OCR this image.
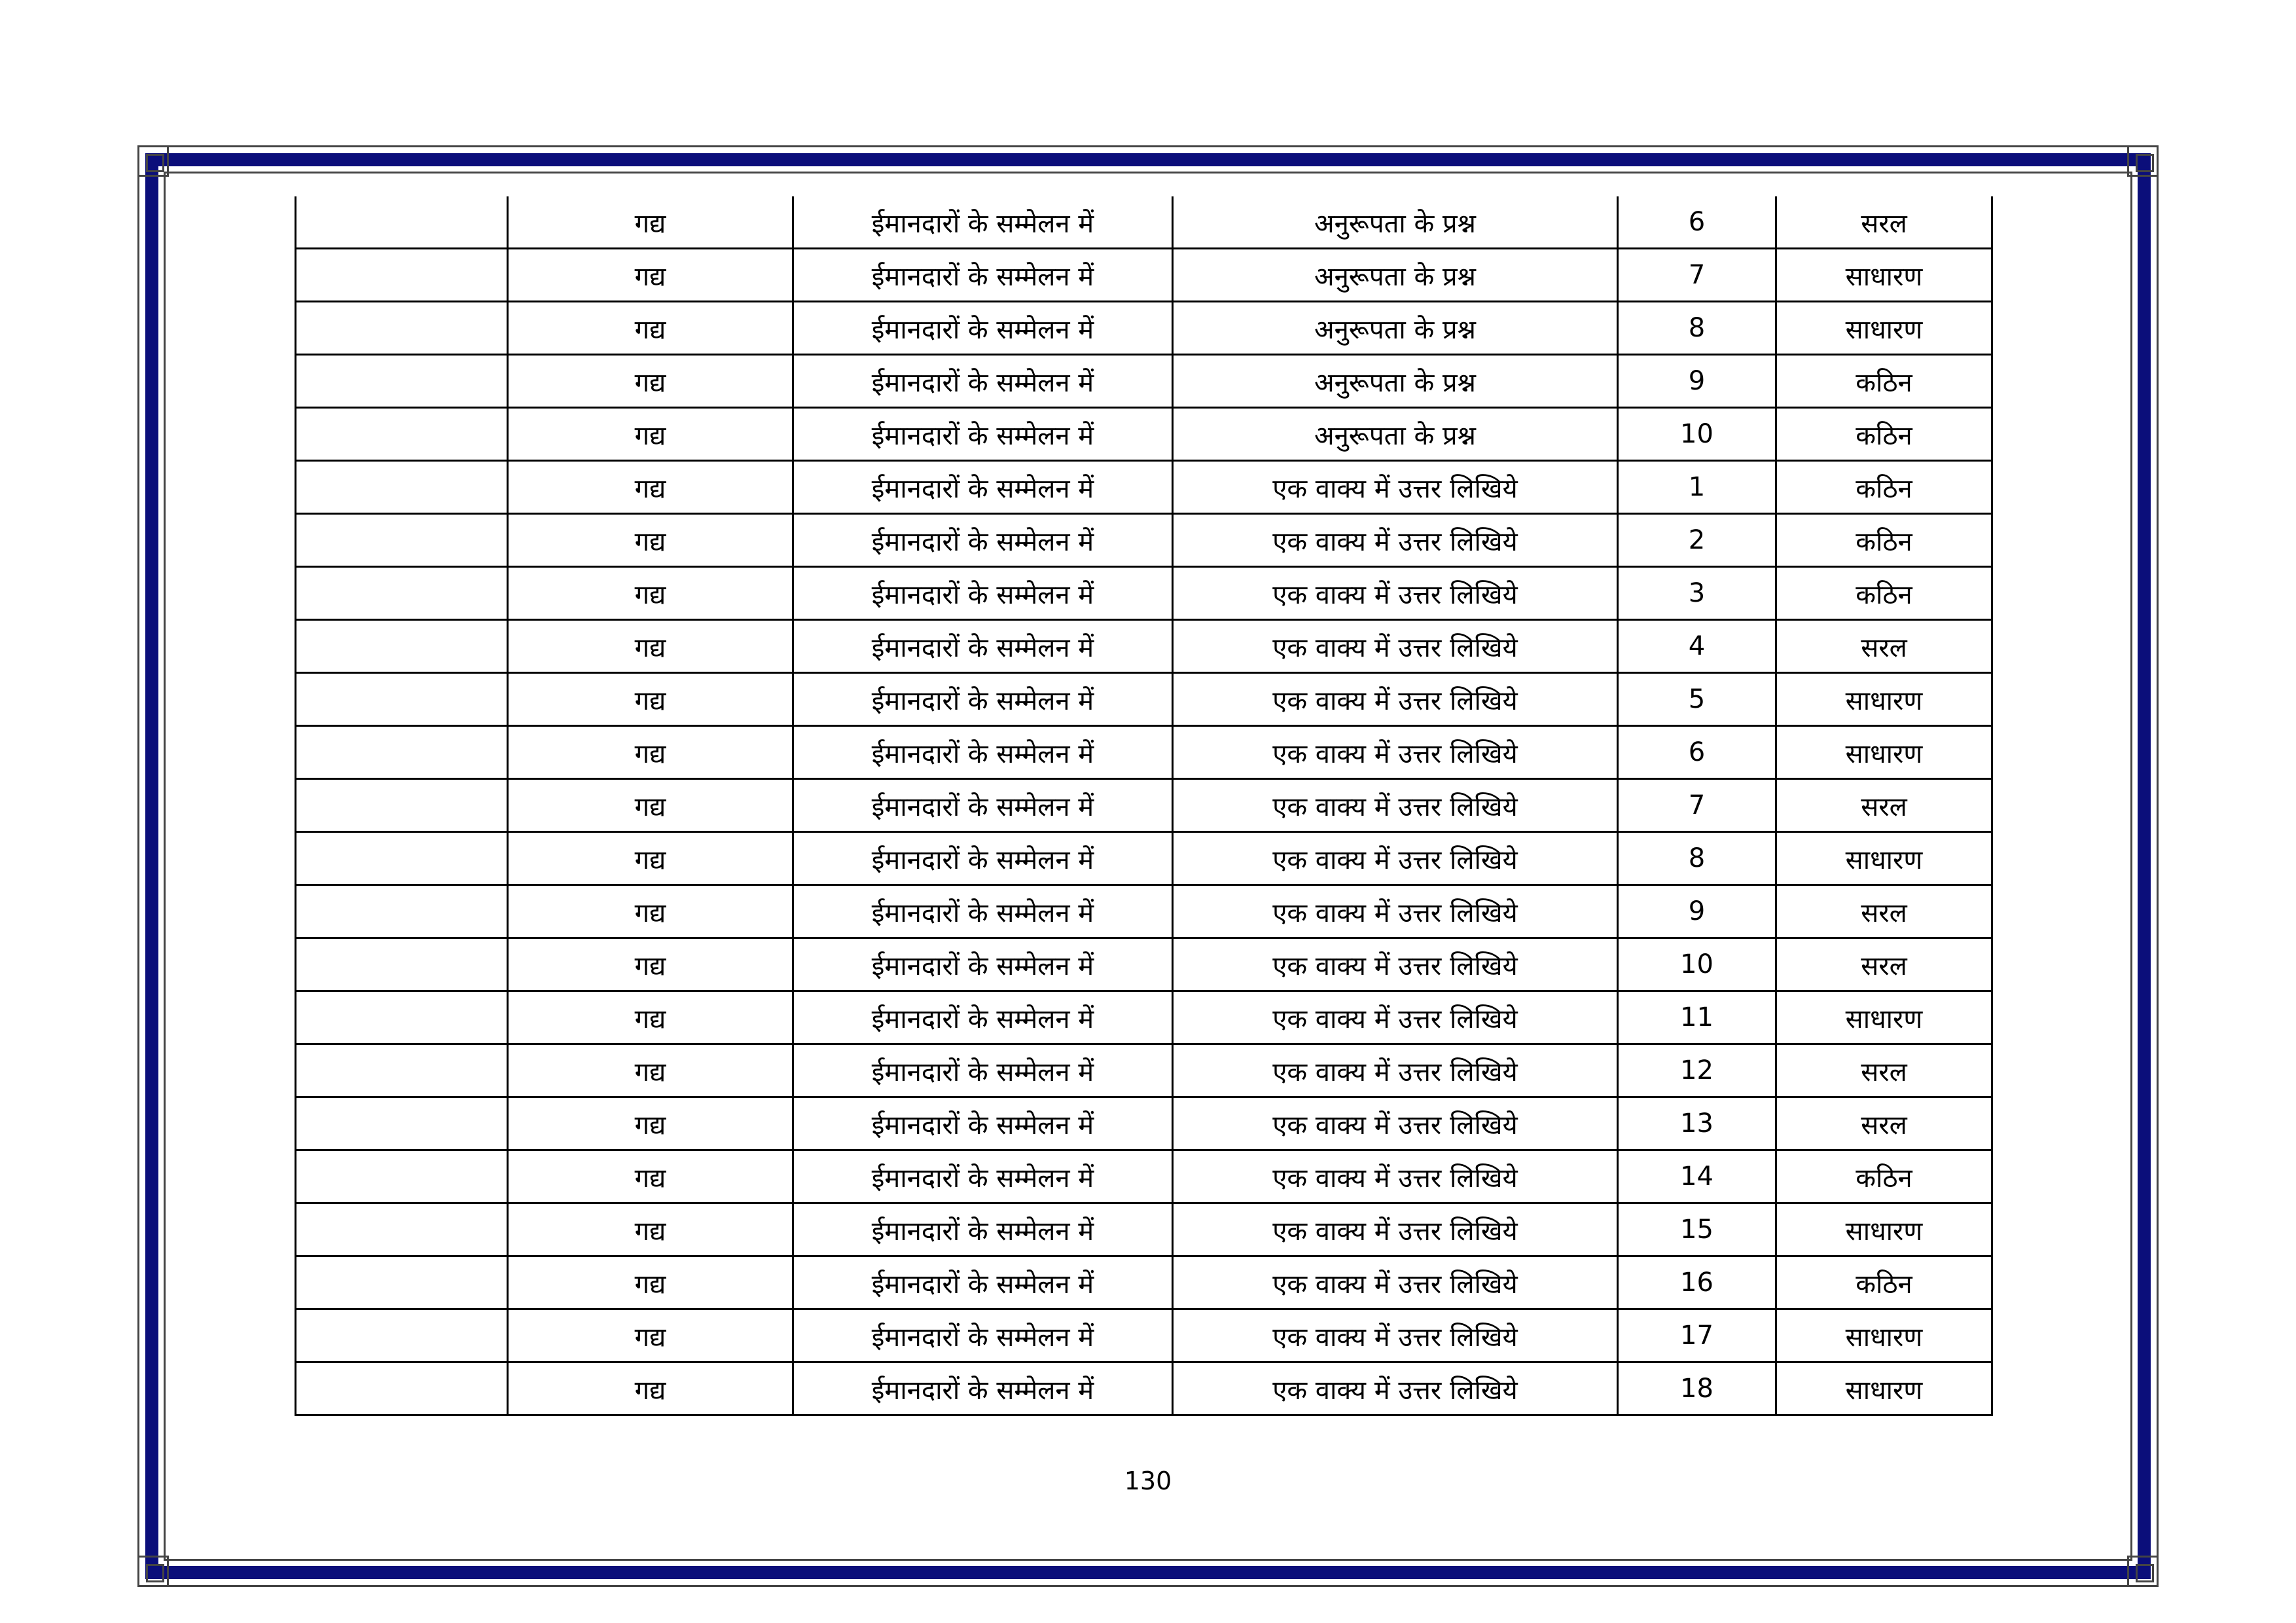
	गद्य	ईमानदारों के सम्मेलन में	अनुरूपता के प्रश्न	6	सरल
	गद्य	ईमानदारों के सम्मेलन में	अनुरूपता के प्रश्न	7	साधारण
	गद्य	ईमानदारों के सम्मेलन में	अनुरूपता के प्रश्न	8	साधारण
	गद्य	ईमानदारों के सम्मेलन में	अनुरूपता के प्रश्न	9	कठिन
	गद्य	ईमानदारों के सम्मेलन में	अनुरूपता के प्रश्न	10	कठिन
	गद्य	ईमानदारों के सम्मेलन में	एक वाक्य में उत्तर लिखिये	1	कठिन
	गद्य	ईमानदारों के सम्मेलन में	एक वाक्य में उत्तर लिखिये	2	कठिन
	गद्य	ईमानदारों के सम्मेलन में	एक वाक्य में उत्तर लिखिये	3	कठिन
	गद्य	ईमानदारों के सम्मेलन में	एक वाक्य में उत्तर लिखिये	4	सरल
	गद्य	ईमानदारों के सम्मेलन में	एक वाक्य में उत्तर लिखिये	5	साधारण
	गद्य	ईमानदारों के सम्मेलन में	एक वाक्य में उत्तर लिखिये	6	साधारण
	गद्य	ईमानदारों के सम्मेलन में	एक वाक्य में उत्तर लिखिये	7	सरल
	गद्य	ईमानदारों के सम्मेलन में	एक वाक्य में उत्तर लिखिये	8	साधारण
	गद्य	ईमानदारों के सम्मेलन में	एक वाक्य में उत्तर लिखिये	9	सरल
	गद्य	ईमानदारों के सम्मेलन में	एक वाक्य में उत्तर लिखिये	10	सरल
	गद्य	ईमानदारों के सम्मेलन में	एक वाक्य में उत्तर लिखिये	11	साधारण
	गद्य	ईमानदारों के सम्मेलन में	एक वाक्य में उत्तर लिखिये	12	सरल
	गद्य	ईमानदारों के सम्मेलन में	एक वाक्य में उत्तर लिखिये	13	सरल
	गद्य	ईमानदारों के सम्मेलन में	एक वाक्य में उत्तर लिखिये	14	कठिन
	गद्य	ईमानदारों के सम्मेलन में	एक वाक्य में उत्तर लिखिये	15	साधारण
	गद्य	ईमानदारों के सम्मेलन में	एक वाक्य में उत्तर लिखिये	16	कठिन
	गद्य	ईमानदारों के सम्मेलन में	एक वाक्य में उत्तर लिखिये	17	साधारण
	गद्य	ईमानदारों के सम्मेलन में	एक वाक्य में उत्तर लिखिये	18	साधारण
130
